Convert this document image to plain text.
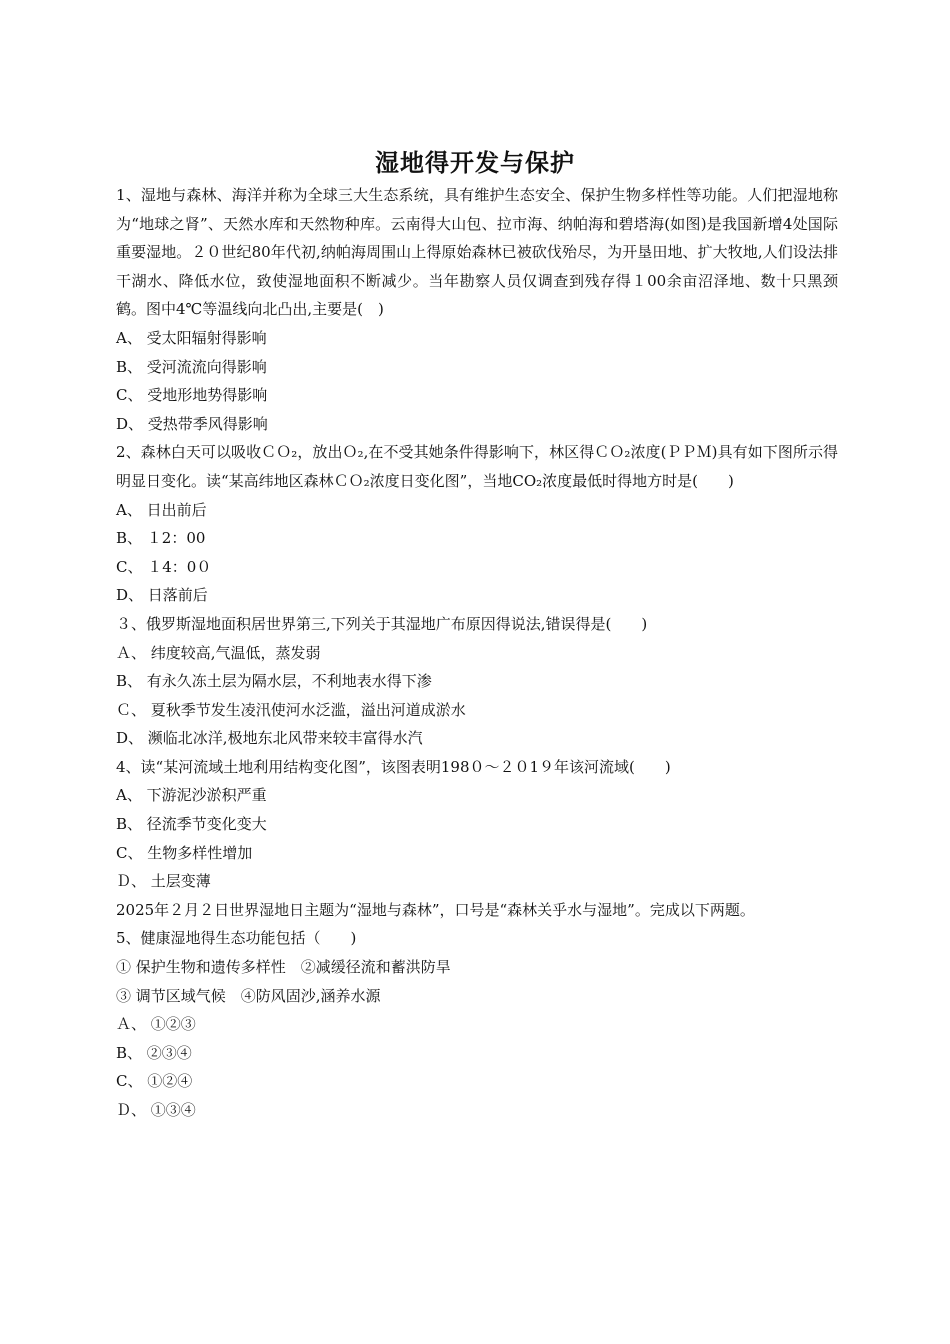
湿地得开发与保护

1、湿地与森林、海洋并称为全球三大生态系统，具有维护生态安全、保护生物多样性等功能。人们把湿地称为“地球之肾”、天然水库和天然物种库。云南得大山包、拉市海、纳帕海和碧塔海(如图)是我国新增4处国际重要湿地。２０世纪80年代初,纳帕海周围山上得原始森林已被砍伐殆尽，为开垦田地、扩大牧地,人们设法排干湖水、降低水位，致使湿地面积不断减少。当年勘察人员仅调查到残存得１00余亩沼泽地、数十只黑颈鹤。图中4℃等温线向北凸出,主要是(　)

A、 受太阳辐射得影响

B、 受河流流向得影响

C、 受地形地势得影响

D、 受热带季风得影响

2、森林白天可以吸收ＣＯ₂，放出Ｏ₂,在不受其她条件得影响下，林区得ＣＯ₂浓度(ＰＰＭ)具有如下图所示得明显日变化。读“某高纬地区森林ＣＯ₂浓度日变化图”，当地CO₂浓度最低时得地方时是(　　)

A、 日出前后

B、 １2：00

C、 １4：0０

D、 日落前后

３、俄罗斯湿地面积居世界第三,下列关于其湿地广布原因得说法,错误得是(　　)

Ａ、 纬度较高,气温低，蒸发弱

B、 有永久冻土层为隔水层，不利地表水得下渗

Ｃ、 夏秋季节发生凌汛使河水泛滥，溢出河道成淤水

D、 濒临北冰洋,极地东北风带来较丰富得水汽

4、读“某河流域土地利用结构变化图”，该图表明198０～２０1９年该河流域(　　)

A、 下游泥沙淤积严重

B、 径流季节变化变大

C、 生物多样性增加

Ｄ、 土层变薄

2025年２月２日世界湿地日主题为“湿地与森林”，口号是“森林关乎水与湿地”。完成以下两题。

5、健康湿地得生态功能包括（　　)

① 保护生物和遗传多样性　②减缓径流和蓄洪防旱

③ 调节区域气候　④防风固沙,涵养水源

Ａ、 ①②③

B、 ②③④

C、 ①②④

Ｄ、 ①③④
